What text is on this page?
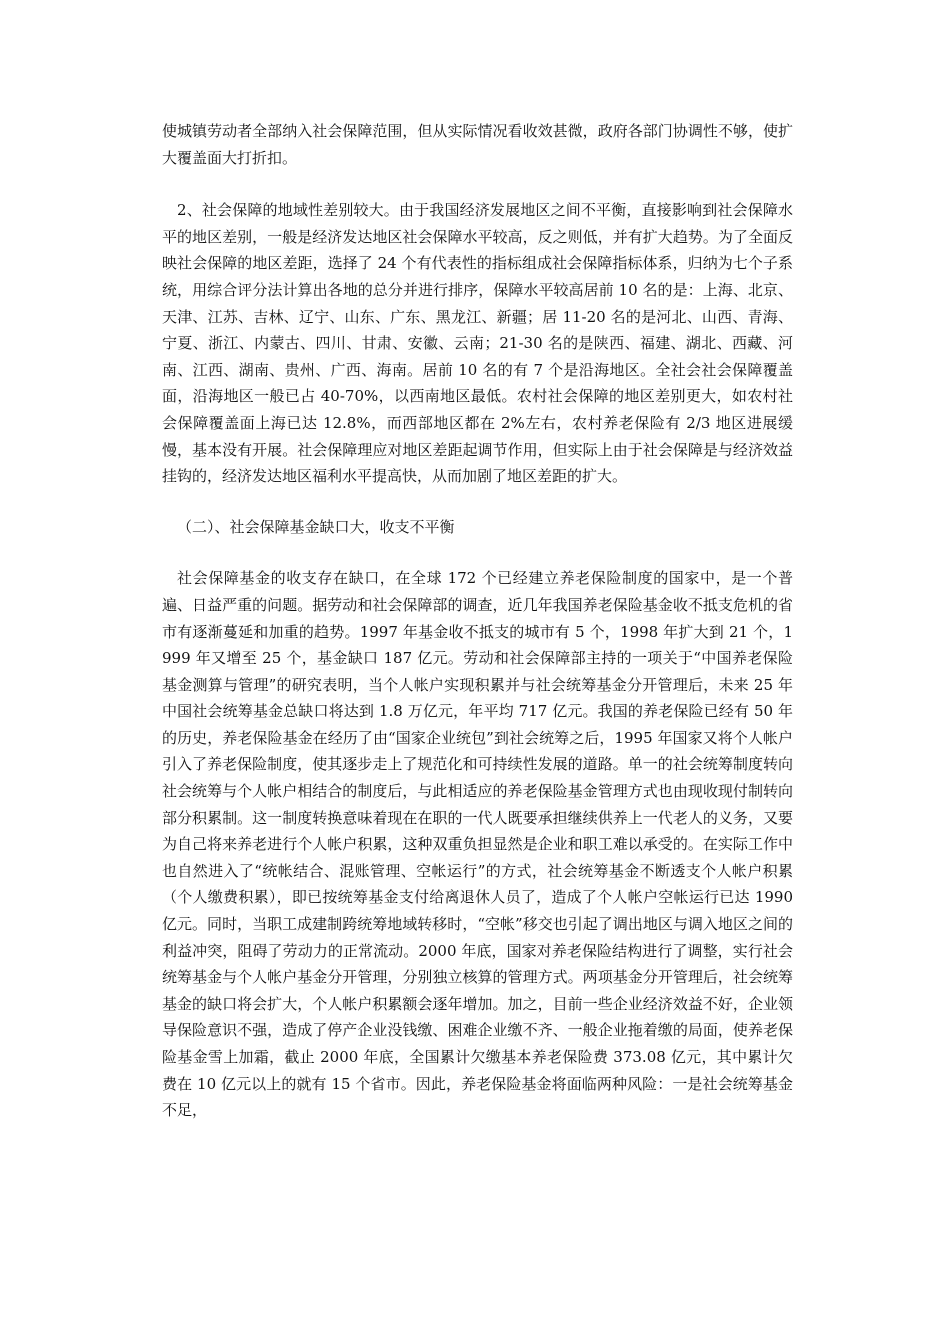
使城镇劳动者全部纳入社会保障范围，但从实际情况看收效甚微，政府各部门协调性不够，使扩大覆盖面大打折扣。

2、社会保障的地域性差别较大。由于我国经济发展地区之间不平衡，直接影响到社会保障水平的地区差别，一般是经济发达地区社会保障水平较高，反之则低，并有扩大趋势。为了全面反映社会保障的地区差距，选择了 24 个有代表性的指标组成社会保障指标体系，归纳为七个子系统，用综合评分法计算出各地的总分并进行排序，保障水平较高居前 10 名的是：上海、北京、天津、江苏、吉林、辽宁、山东、广东、黑龙江、新疆；居 11-20 名的是河北、山西、青海、宁夏、浙江、内蒙古、四川、甘肃、安徽、云南；21-30 名的是陕西、福建、湖北、西藏、河南、江西、湖南、贵州、广西、海南。居前 10 名的有 7 个是沿海地区。全社会社会保障覆盖面，沿海地区一般已占 40-70%，以西南地区最低。农村社会保障的地区差别更大，如农村社会保障覆盖面上海已达 12.8%，而西部地区都在 2%左右，农村养老保险有 2/3 地区进展缓慢，基本没有开展。社会保障理应对地区差距起调节作用，但实际上由于社会保障是与经济效益挂钩的，经济发达地区福利水平提高快，从而加剧了地区差距的扩大。

（二）、社会保障基金缺口大，收支不平衡

社会保障基金的收支存在缺口，在全球 172 个已经建立养老保险制度的国家中，是一个普遍、日益严重的问题。据劳动和社会保障部的调查，近几年我国养老保险基金收不抵支危机的省市有逐渐蔓延和加重的趋势。1997 年基金收不抵支的城市有 5 个，1998 年扩大到 21 个，1999 年又增至 25 个，基金缺口 187 亿元。劳动和社会保障部主持的一项关于“中国养老保险基金测算与管理”的研究表明，当个人帐户实现积累并与社会统筹基金分开管理后，未来 25 年中国社会统筹基金总缺口将达到 1.8 万亿元，年平均 717 亿元。我国的养老保险已经有 50 年的历史，养老保险基金在经历了由“国家企业统包”到社会统筹之后，1995 年国家又将个人帐户引入了养老保险制度，使其逐步走上了规范化和可持续性发展的道路。单一的社会统筹制度转向社会统筹与个人帐户相结合的制度后，与此相适应的养老保险基金管理方式也由现收现付制转向部分积累制。这一制度转换意味着现在在职的一代人既要承担继续供养上一代老人的义务，又要为自己将来养老进行个人帐户积累，这种双重负担显然是企业和职工难以承受的。在实际工作中也自然进入了“统帐结合、混账管理、空帐运行”的方式，社会统筹基金不断透支个人帐户积累（个人缴费积累），即已按统筹基金支付给离退休人员了，造成了个人帐户空帐运行已达 1990 亿元。同时，当职工成建制跨统筹地域转移时，“空帐”移交也引起了调出地区与调入地区之间的利益冲突，阻碍了劳动力的正常流动。2000 年底，国家对养老保险结构进行了调整，实行社会统筹基金与个人帐户基金分开管理，分别独立核算的管理方式。两项基金分开管理后，社会统筹基金的缺口将会扩大，个人帐户积累额会逐年增加。加之，目前一些企业经济效益不好，企业领导保险意识不强，造成了停产企业没钱缴、困难企业缴不齐、一般企业拖着缴的局面，使养老保险基金雪上加霜，截止 2000 年底，全国累计欠缴基本养老保险费 373.08 亿元，其中累计欠费在 10 亿元以上的就有 15 个省市。因此，养老保险基金将面临两种风险：一是社会统筹基金不足，
